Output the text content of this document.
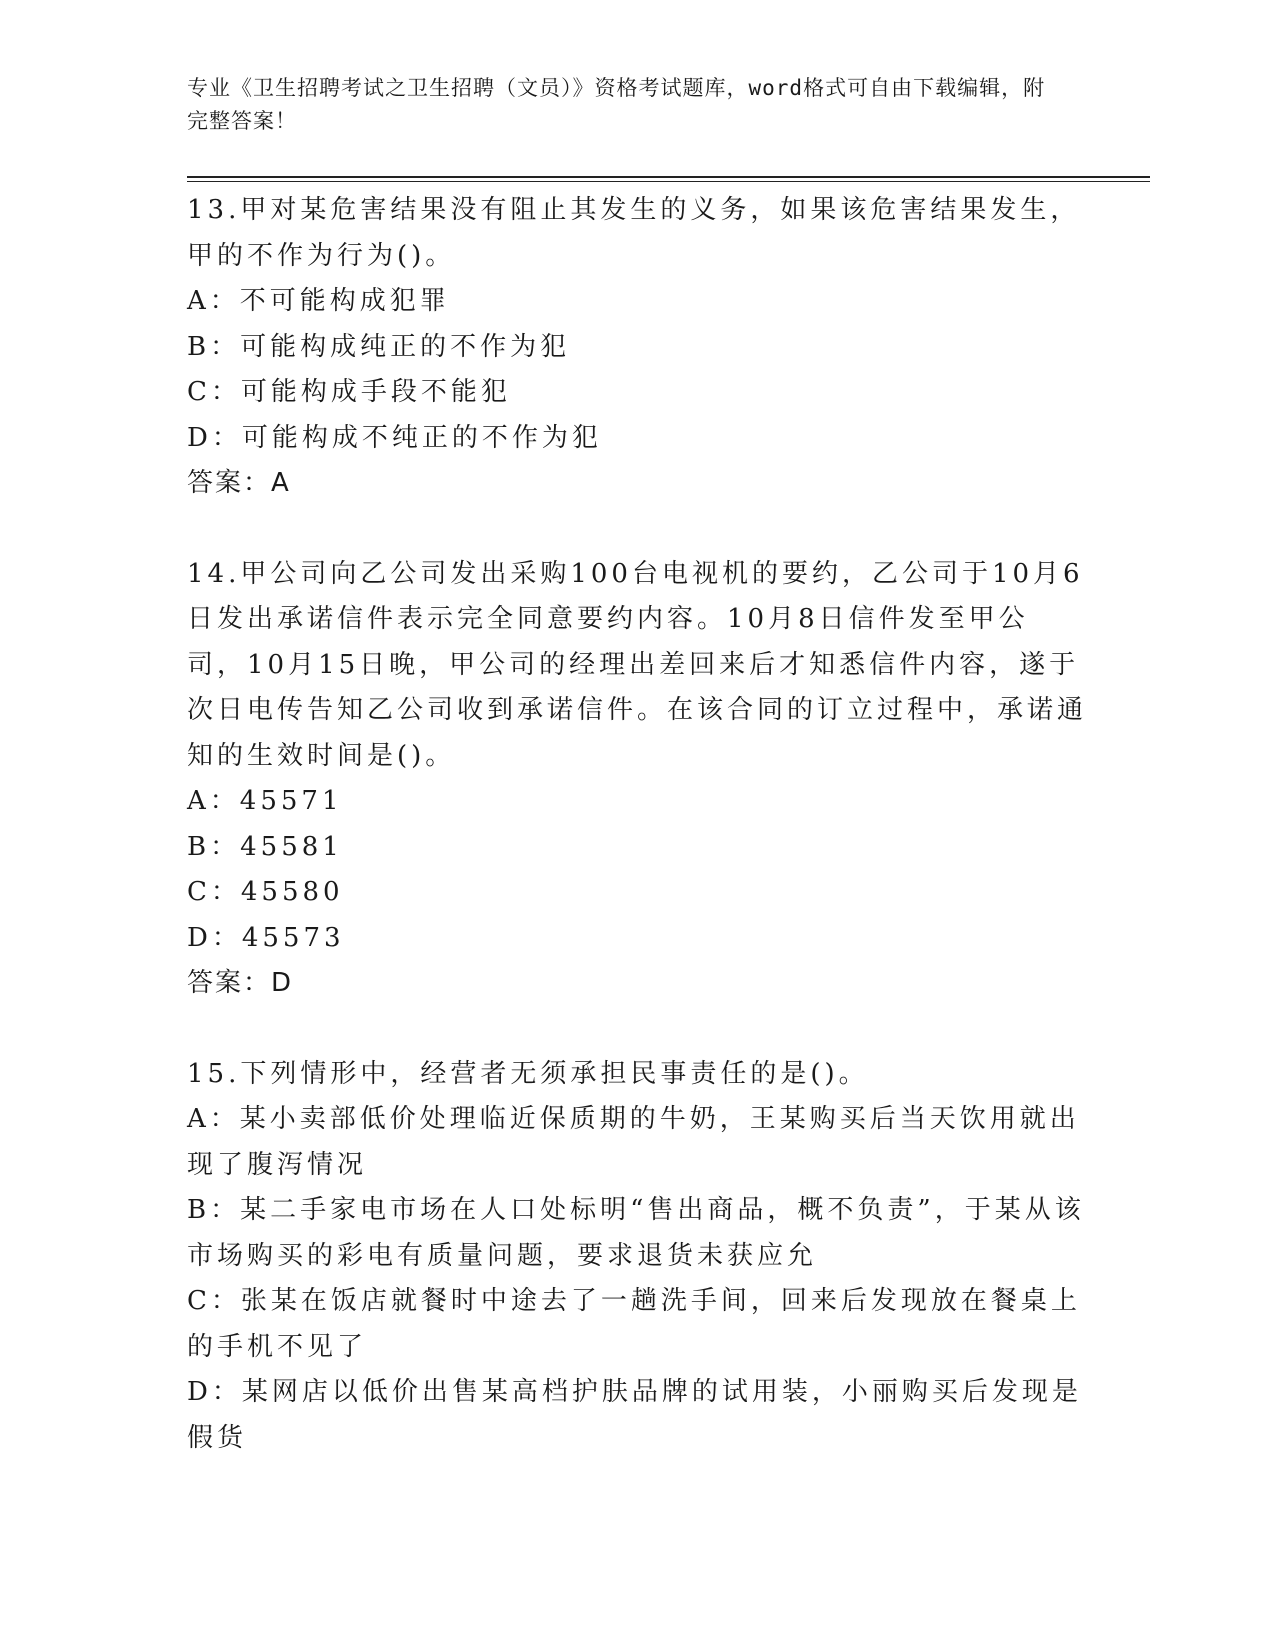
专业《卫生招聘考试之卫生招聘（文员）》资格考试题库，word格式可自由下载编辑，附完整答案！

13.甲对某危害结果没有阻止其发生的义务，如果该危害结果发生，甲的不作为行为()。

A：不可能构成犯罪

B：可能构成纯正的不作为犯

C：可能构成手段不能犯

D：可能构成不纯正的不作为犯

答案：A

14.甲公司向乙公司发出采购100台电视机的要约，乙公司于10月6日发出承诺信件表示完全同意要约内容。10月8日信件发至甲公司，10月15日晚，甲公司的经理出差回来后才知悉信件内容，遂于次日电传告知乙公司收到承诺信件。在该合同的订立过程中，承诺通知的生效时间是()。

A：45571

B：45581

C：45580

D：45573

答案：D

15.下列情形中，经营者无须承担民事责任的是()。

A：某小卖部低价处理临近保质期的牛奶，王某购买后当天饮用就出现了腹泻情况

B：某二手家电市场在人口处标明“售出商品，概不负责”，于某从该市场购买的彩电有质量问题，要求退货未获应允

C：张某在饭店就餐时中途去了一趟洗手间，回来后发现放在餐桌上的手机不见了

D：某网店以低价出售某高档护肤品牌的试用装，小丽购买后发现是假货
